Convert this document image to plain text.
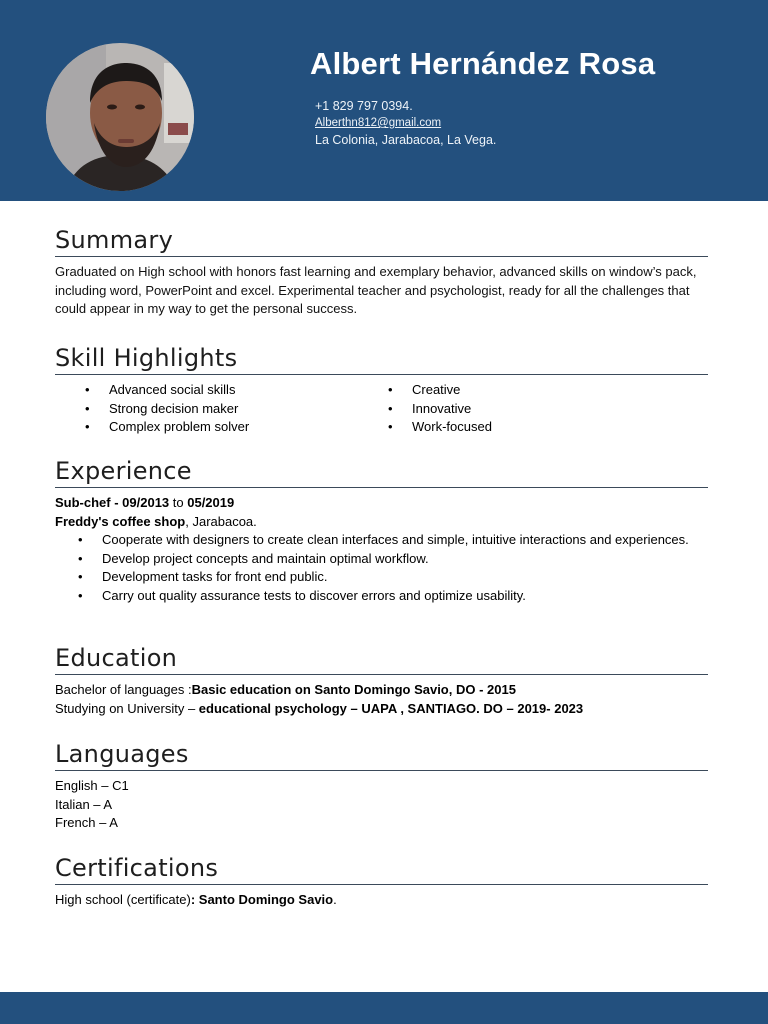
Albert Hernández Rosa
+1 829 797 0394.
Alberthn812@gmail.com
La Colonia, Jarabacoa, La Vega.
Summary
Graduated on High school with honors fast learning and exemplary behavior, advanced skills on window’s pack, including word, PowerPoint and excel. Experimental teacher and psychologist, ready for all the challenges that could appear in my way to get the personal success.
Skill Highlights
• Advanced social skills
• Strong decision maker
• Complex problem solver
• Creative
• Innovative
• Work-focused
Experience
Sub-chef - 09/2013 to 05/2019
Freddy's coffee shop, Jarabacoa.
• Cooperate with designers to create clean interfaces and simple, intuitive interactions and experiences.
• Develop project concepts and maintain optimal workflow.
• Development tasks for front end public.
• Carry out quality assurance tests to discover errors and optimize usability.
Education
Bachelor of languages :Basic education on Santo Domingo Savio, DO - 2015
Studying on University – educational psychology – UAPA , SANTIAGO. DO – 2019- 2023
Languages
English – C1
Italian – A
French – A
Certifications
High school (certificate): Santo Domingo Savio.
